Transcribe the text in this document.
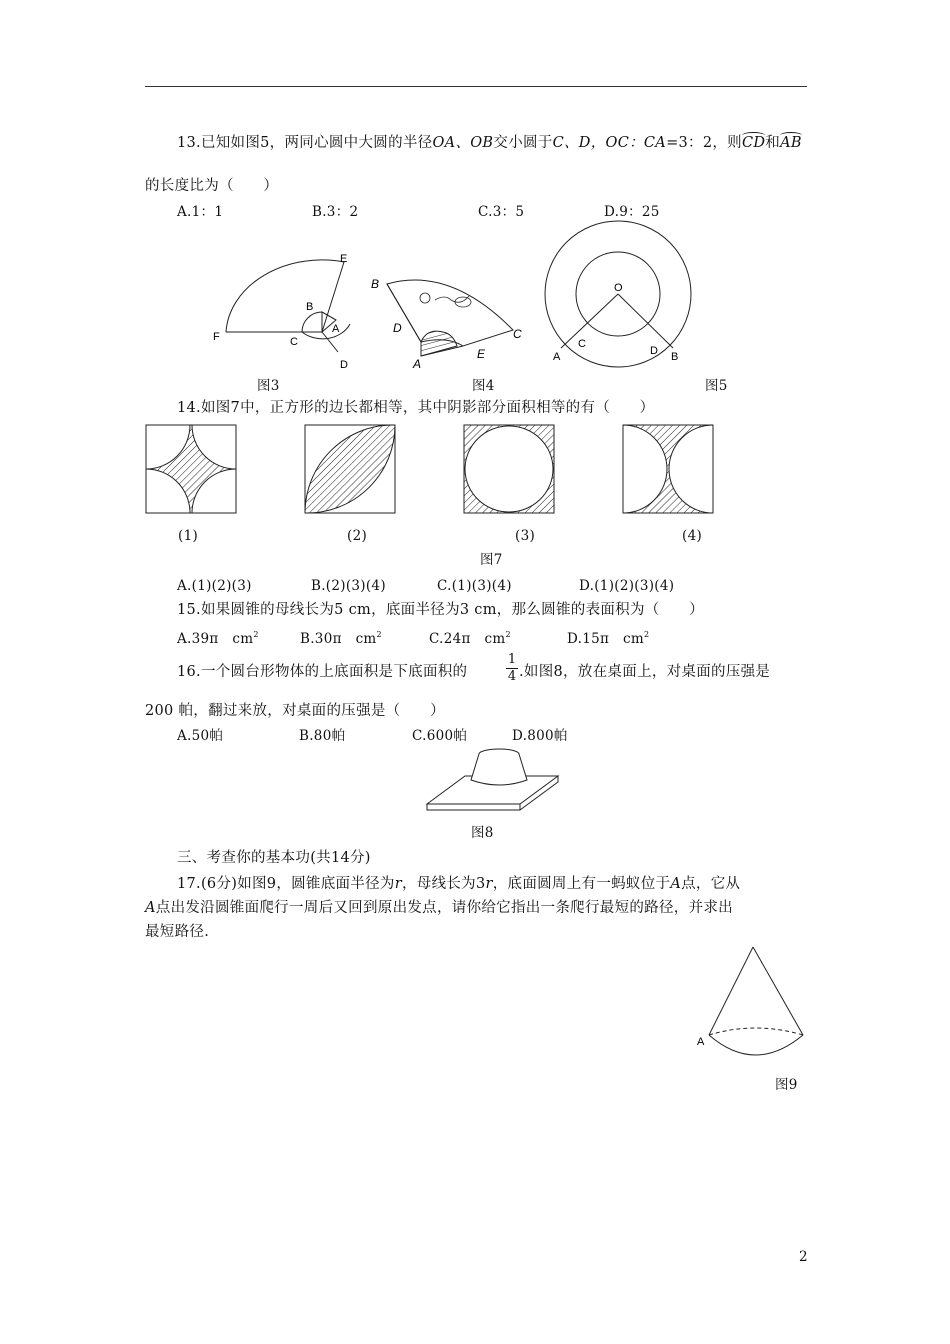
13.已知如图5，两同心圆中大圆的半径OA、OB交小圆于C、D，OC：CA=3：2，则CD和AB
的长度比为（　　）
A.1：1	B.3：2	C.3：5	D.9：25
E
B
A
F	C
D
B
D	C
A
E
O
A
C
D B
图3	图4	图5
14.如图7中，正方形的边长都相等，其中阴影部分面积相等的有（　　）
(1)	(2)	(3)	(4)
图7
A.(1)(2)(3)	B.(2)(3)(4)	C.(1)(3)(4)	D.(1)(2)(3)(4)
15.如果圆锥的母线长为5 cm，底面半径为3 cm，那么圆锥的表面积为（　　）
A.39π　$cm^2$	B.30π　$cm^2$	C.24π　$cm^2$	D.15π　$cm^2$
16.一个圆台形物体的上底面积是下底面积的
1
4 .如图8，放在桌面上，对桌面的压强是
200 帕，翻过来放，对桌面的压强是（　　）
A.50帕	B.80帕	C.600帕	D.800帕
图8
三、考查你的基本功(共14分)
17.(6分)如图9，圆锥底面半径为r，母线长为3r，底面圆周上有一蚂蚁位于A点，它从
A点出发沿圆锥面爬行一周后又回到原出发点，请你给它指出一条爬行最短的路径，并求出
最短路径.
A
图9
2
